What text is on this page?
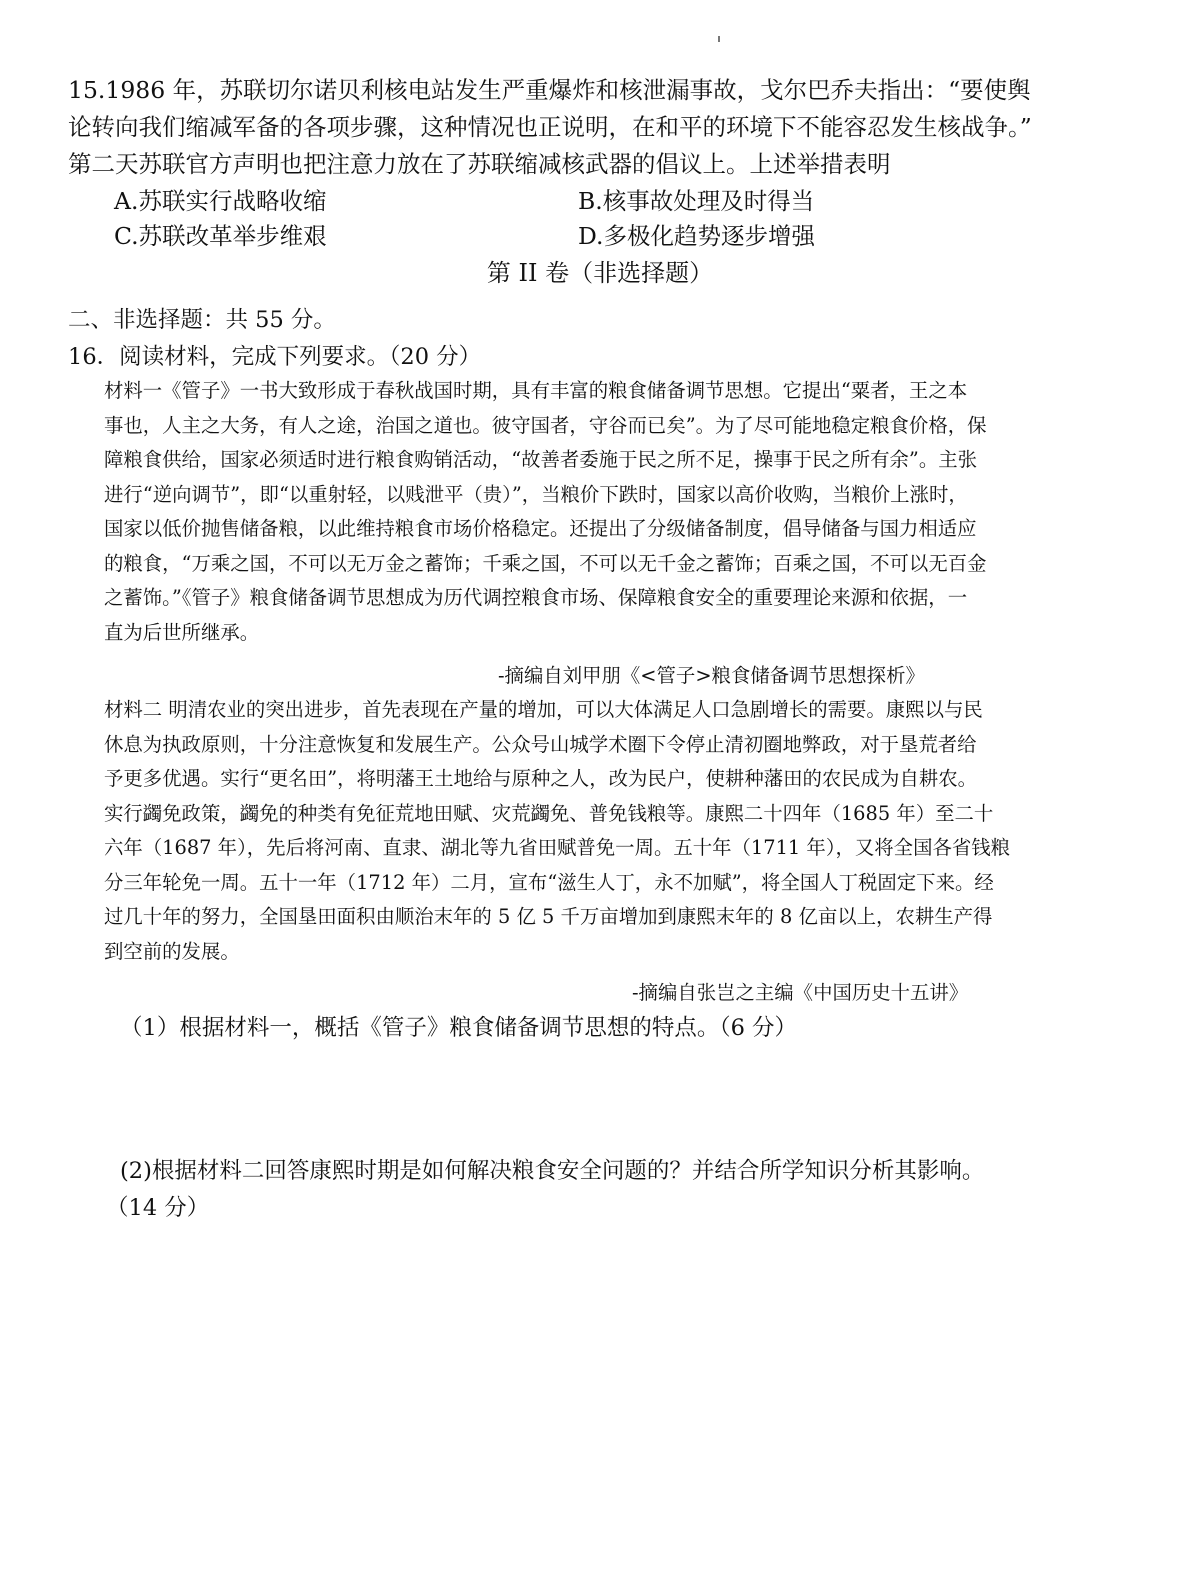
15.1986 年，苏联切尔诺贝利核电站发生严重爆炸和核泄漏事故，戈尔巴乔夫指出：“要使舆

论转向我们缩减军备的各项步骤，这种情况也正说明，在和平的环境下不能容忍发生核战争。”

第二天苏联官方声明也把注意力放在了苏联缩减核武器的倡议上。上述举措表明

A.苏联实行战略收缩	B.核事故处理及时得当
C.苏联改革举步维艰	D.多极化趋势逐步增强
第 II 卷（非选择题）
二、非选择题：共 55 分。
16．阅读材料，完成下列要求。（20 分）

材料一《管子》一书大致形成于春秋战国时期，具有丰富的粮食储备调节思想。它提出“粟者，王之本

事也，人主之大务，有人之途，治国之道也。彼守国者，守谷而已矣”。为了尽可能地稳定粮食价格，保

障粮食供给，国家必须适时进行粮食购销活动，“故善者委施于民之所不足，操事于民之所有余”。主张

进行“逆向调节”，即“以重射轻，以贱泄平（贵）”，当粮价下跌时，国家以高价收购，当粮价上涨时，

国家以低价抛售储备粮，以此维持粮食市场价格稳定。还提出了分级储备制度，倡导储备与国力相适应

的粮食，“万乘之国，不可以无万金之蓄饰；千乘之国，不可以无千金之蓄饰；百乘之国，不可以无百金

之蓄饰。”《管子》粮食储备调节思想成为历代调控粮食市场、保障粮食安全的重要理论来源和依据，一

直为后世所继承。

-摘编自刘甲朋《<管子>粮食储备调节思想探析》

材料二 明清农业的突出进步，首先表现在产量的增加，可以大体满足人口急剧增长的需要。康熙以与民

休息为执政原则，十分注意恢复和发展生产。公众号山城学术圈下令停止清初圈地弊政，对于垦荒者给

予更多优遇。实行“更名田”，将明藩王土地给与原种之人，改为民户，使耕种藩田的农民成为自耕农。

实行蠲免政策，蠲免的种类有免征荒地田赋、灾荒蠲免、普免钱粮等。康熙二十四年（1685 年）至二十

六年（1687 年），先后将河南、直隶、湖北等九省田赋普免一周。五十年（1711 年），又将全国各省钱粮

分三年轮免一周。五十一年（1712 年）二月，宣布“滋生人丁，永不加赋”，将全国人丁税固定下来。经

过几十年的努力，全国垦田面积由顺治末年的 5 亿 5 千万亩增加到康熙末年的 8 亿亩以上，农耕生产得

到空前的发展。

-摘编自张岂之主编《中国历史十五讲》
（1）根据材料一，概括《管子》粮食储备调节思想的特点。（6 分）
(2)根据材料二回答康熙时期是如何解决粮食安全问题的？并结合所学知识分析其影响。
（14 分）
